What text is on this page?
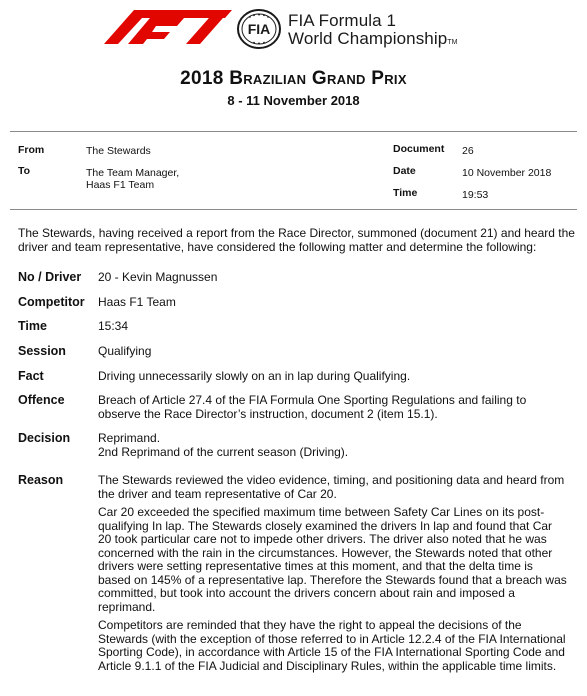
FIA FIA Formula 1
World ChampionshipTM
2018 Brazilian Grand Prix
8 - 11 November 2018
From	The Stewards
To	The Team Manager,
Haas F1 Team
Document 26
Date	10 November 2018
Time	19:53
The Stewards, having received a report from the Race Director, summoned (document 21) and heard the driver and team representative, have considered the following matter and determine the following:
No / Driver 20 - Kevin Magnussen
Competitor Haas F1 Team
Time	15:34
Session	Qualifying
Fact	Driving unnecessarily slowly on an in lap during Qualifying.
Offence	Breach of Article 27.4 of the FIA Formula One Sporting Regulations and failing to observe the Race Director’s instruction, document 2 (item 15.1).
Decision Reprimand.
2nd Reprimand of the current season (Driving).
Reason	The Stewards reviewed the video evidence, timing, and positioning data and heard from the driver and team representative of Car 20.
Car 20 exceeded the specified maximum time between Safety Car Lines on its post-qualifying In lap. The Stewards closely examined the drivers In lap and found that Car 20 took particular care not to impede other drivers. The driver also noted that he was concerned with the rain in the circumstances. However, the Stewards noted that other drivers were setting representative times at this moment, and that the delta time is based on 145% of a representative lap. Therefore the Stewards found that a breach was committed, but took into account the drivers concern about rain and imposed a reprimand.
Competitors are reminded that they have the right to appeal the decisions of the Stewards (with the exception of those referred to in Article 12.2.4 of the FIA International Sporting Code), in accordance with Article 15 of the FIA International Sporting Code and Article 9.1.1 of the FIA Judicial and Disciplinary Rules, within the applicable time limits.
